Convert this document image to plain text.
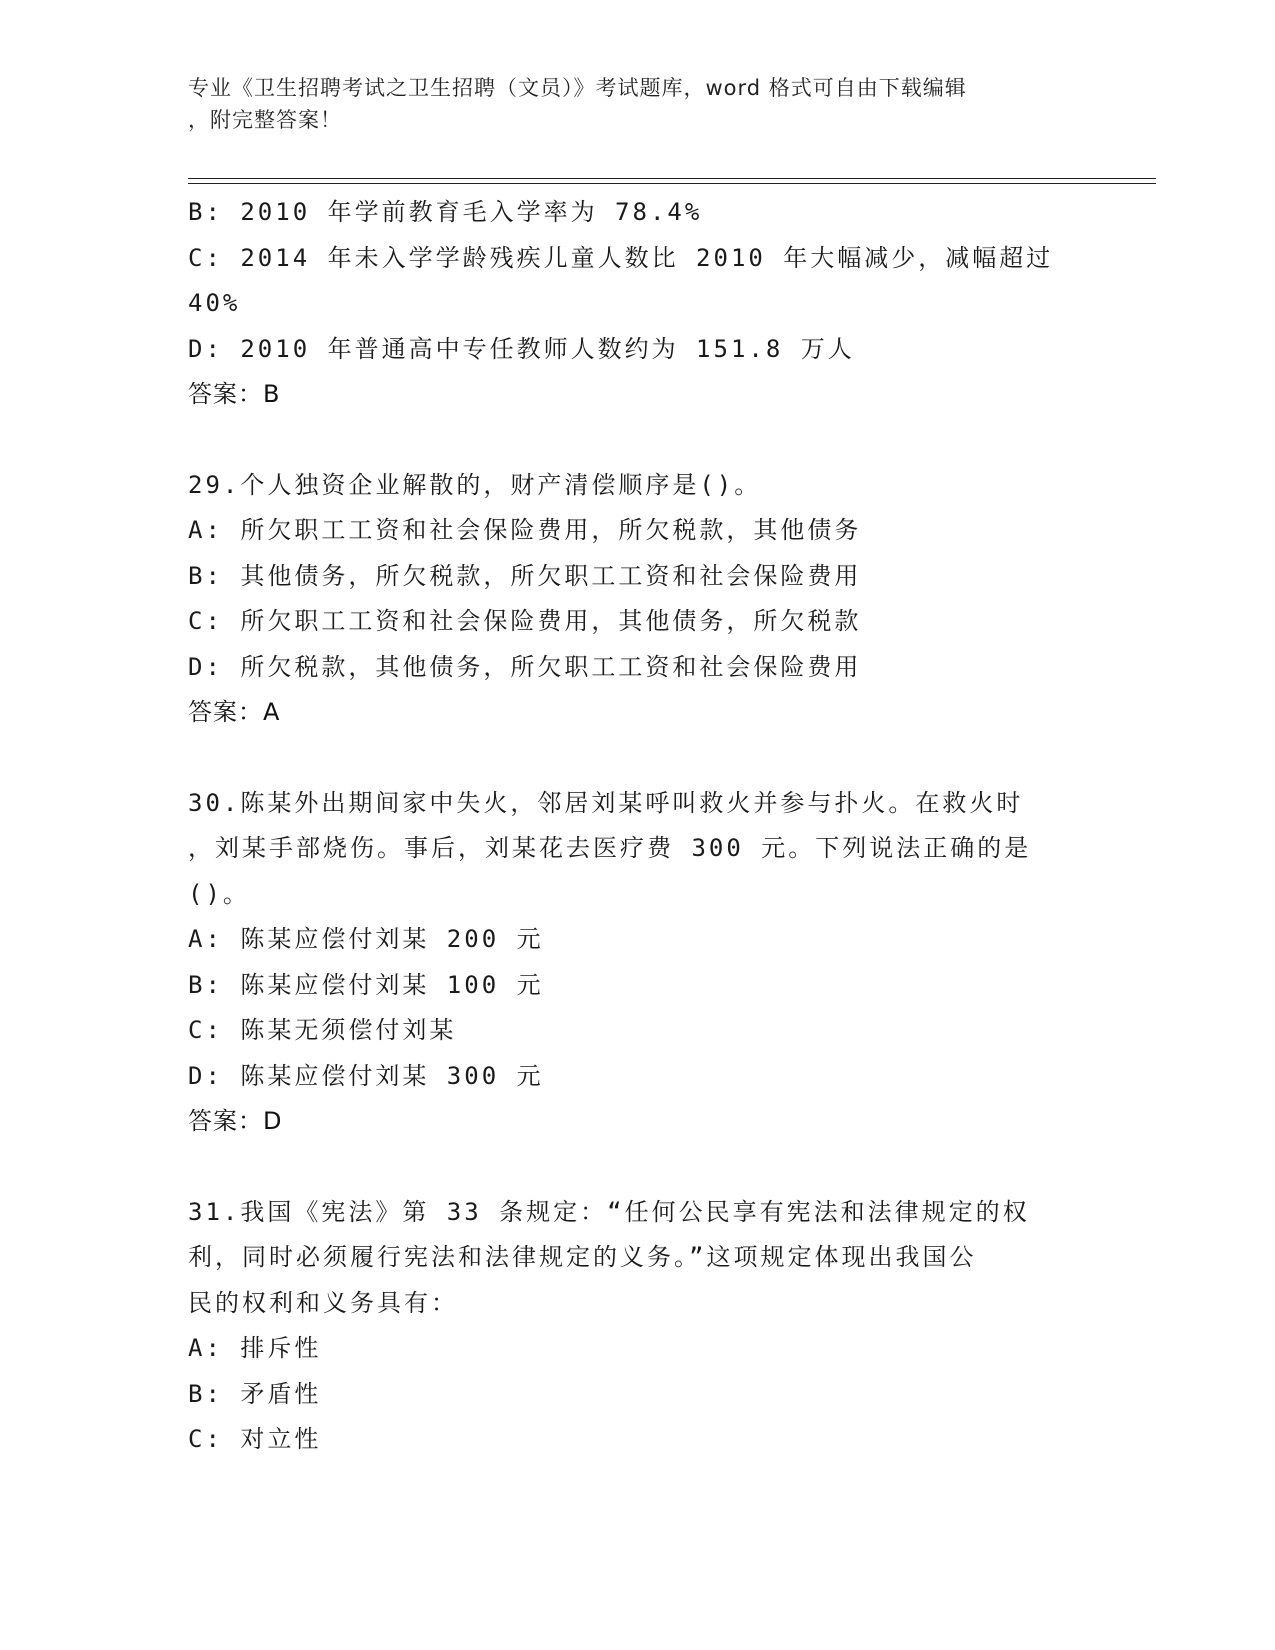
专业《卫生招聘考试之卫生招聘（文员）》考试题库，word 格式可自由下载编辑
，附完整答案！
B: 2010 年学前教育毛入学率为 78.4%
C: 2014 年未入学学龄残疾儿童人数比 2010 年大幅减少，减幅超过
40%
D: 2010 年普通高中专任教师人数约为 151.8 万人
答案：B
29.个人独资企业解散的，财产清偿顺序是()。
A: 所欠职工工资和社会保险费用，所欠税款，其他债务
B: 其他债务，所欠税款，所欠职工工资和社会保险费用
C: 所欠职工工资和社会保险费用，其他债务，所欠税款
D: 所欠税款，其他债务，所欠职工工资和社会保险费用
答案：A
30.陈某外出期间家中失火，邻居刘某呼叫救火并参与扑火。在救火时
，刘某手部烧伤。事后，刘某花去医疗费 300 元。下列说法正确的是
()。
A: 陈某应偿付刘某 200 元
B: 陈某应偿付刘某 100 元
C: 陈某无须偿付刘某
D: 陈某应偿付刘某 300 元
答案：D
31.我国《宪法》第 33 条规定：“任何公民享有宪法和法律规定的权
利，同时必须履行宪法和法律规定的义务。”这项规定体现出我国公
民的权利和义务具有：
A: 排斥性
B: 矛盾性
C: 对立性
